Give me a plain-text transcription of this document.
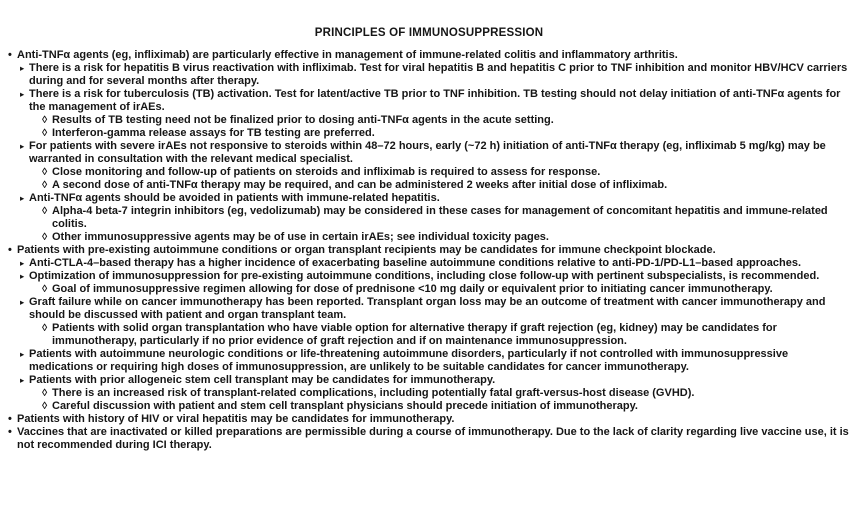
PRINCIPLES OF IMMUNOSUPPRESSION
• Anti-TNFα agents (eg, infliximab) are particularly effective in management of immune-related colitis and inflammatory arthritis.
▸ There is a risk for hepatitis B virus reactivation with infliximab. Test for viral hepatitis B and hepatitis C prior to TNF inhibition and monitor HBV/HCV carriers during and for several months after therapy.
▸ There is a risk for tuberculosis (TB) activation. Test for latent/active TB prior to TNF inhibition. TB testing should not delay initiation of anti-TNFα agents for the management of irAEs.
◊ Results of TB testing need not be finalized prior to dosing anti-TNFα agents in the acute setting.
◊ Interferon-gamma release assays for TB testing are preferred.
▸ For patients with severe irAEs not responsive to steroids within 48–72 hours, early (~72 h) initiation of anti-TNFα therapy (eg, infliximab 5 mg/kg) may be warranted in consultation with the relevant medical specialist.
◊ Close monitoring and follow-up of patients on steroids and infliximab is required to assess for response.
◊ A second dose of anti-TNFα therapy may be required, and can be administered 2 weeks after initial dose of infliximab.
▸ Anti-TNFα agents should be avoided in patients with immune-related hepatitis.
◊ Alpha-4 beta-7 integrin inhibitors (eg, vedolizumab) may be considered in these cases for management of concomitant hepatitis and immune-related colitis.
◊ Other immunosuppressive agents may be of use in certain irAEs; see individual toxicity pages.
• Patients with pre-existing autoimmune conditions or organ transplant recipients may be candidates for immune checkpoint blockade.
▸ Anti-CTLA-4–based therapy has a higher incidence of exacerbating baseline autoimmune conditions relative to anti-PD-1/PD-L1–based approaches.
▸ Optimization of immunosuppression for pre-existing autoimmune conditions, including close follow-up with pertinent subspecialists, is recommended.
◊ Goal of immunosuppressive regimen allowing for dose of prednisone <10 mg daily or equivalent prior to initiating cancer immunotherapy.
▸ Graft failure while on cancer immunotherapy has been reported. Transplant organ loss may be an outcome of treatment with cancer immunotherapy and should be discussed with patient and organ transplant team.
◊ Patients with solid organ transplantation who have viable option for alternative therapy if graft rejection (eg, kidney) may be candidates for immunotherapy, particularly if no prior evidence of graft rejection and if on maintenance immunosuppression.
▸ Patients with autoimmune neurologic conditions or life-threatening autoimmune disorders, particularly if not controlled with immunosuppressive medications or requiring high doses of immunosuppression, are unlikely to be suitable candidates for cancer immunotherapy.
▸ Patients with prior allogeneic stem cell transplant may be candidates for immunotherapy.
◊ There is an increased risk of transplant-related complications, including potentially fatal graft-versus-host disease (GVHD).
◊ Careful discussion with patient and stem cell transplant physicians should precede initiation of immunotherapy.
• Patients with history of HIV or viral hepatitis may be candidates for immunotherapy.
• Vaccines that are inactivated or killed preparations are permissible during a course of immunotherapy. Due to the lack of clarity regarding live vaccine use, it is not recommended during ICI therapy.
